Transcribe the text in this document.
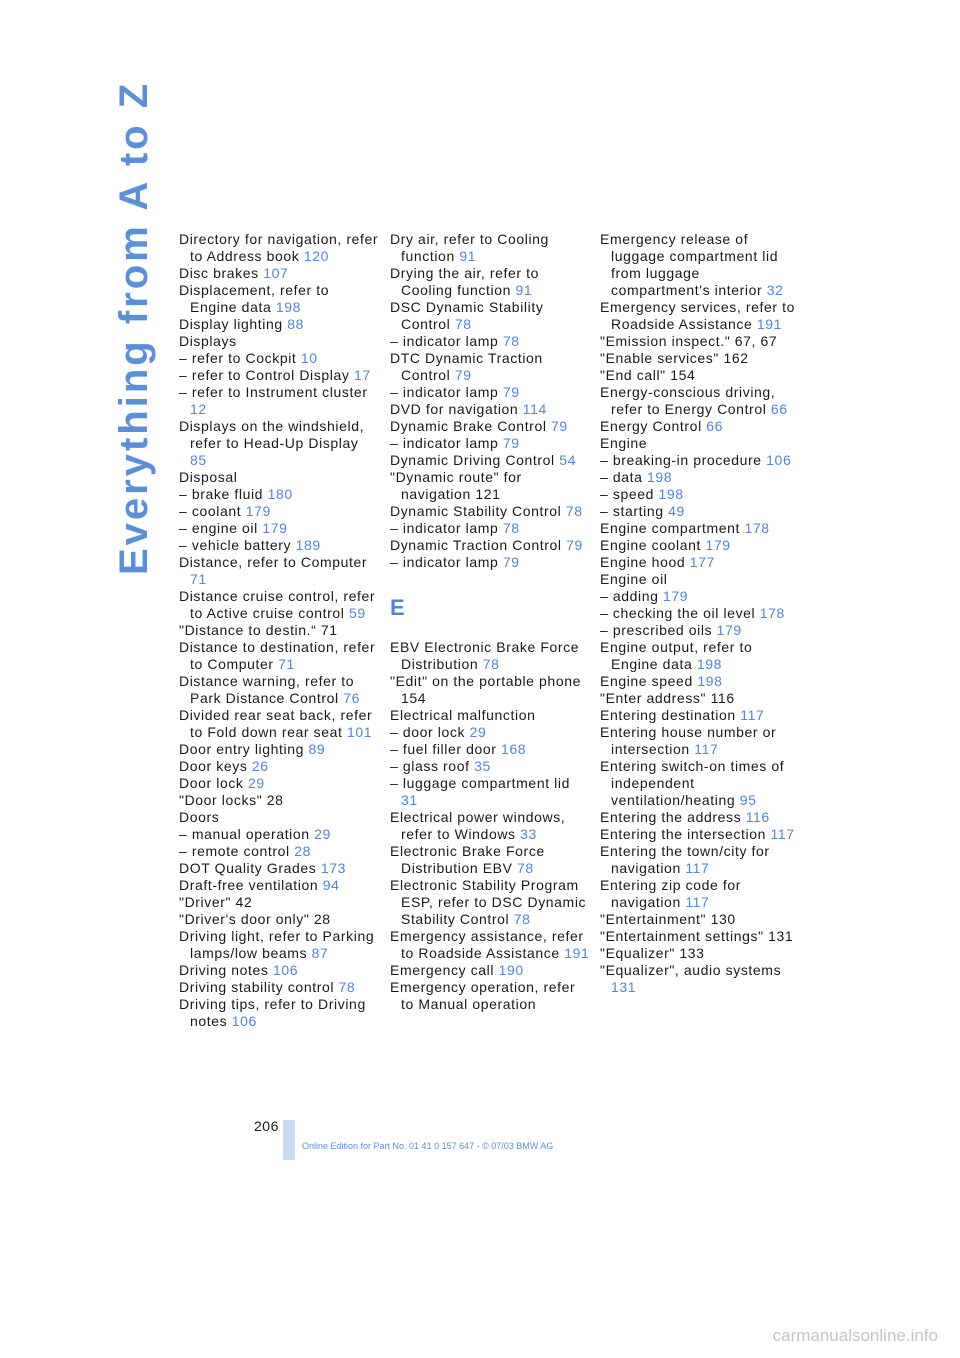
Everything from A to Z Directory for navigation, refer to Address book 120
Disc brakes 107
Displacement, refer to Engine data 198
Display lighting 88
Displays
– refer to Cockpit 10
– refer to Control Display 17
– refer to Instrument cluster 12
Displays on the windshield, refer to Head-Up Display 85
Disposal
– brake fluid 180
– coolant 179
– engine oil 179
– vehicle battery 189
Distance, refer to Computer 71
Distance cruise control, refer to Active cruise control 59
"Distance to destin.“ 71
Distance to destination, refer to Computer 71
Distance warning, refer to Park Distance Control 76
Divided rear seat back, refer to Fold down rear seat 101
Door entry lighting 89
Door keys 26
Door lock 29
"Door locks" 28
Doors
– manual operation 29
– remote control 28
DOT Quality Grades 173
Draft-free ventilation 94
"Driver" 42
"Driver's door only" 28
Driving light, refer to Parking lamps/low beams 87
Driving notes 106
Driving stability control 78
Driving tips, refer to Driving notes 106
Dry air, refer to Cooling function 91
Drying the air, refer to Cooling function 91
DSC Dynamic Stability Control 78
– indicator lamp 78
DTC Dynamic Traction Control 79
– indicator lamp 79
DVD for navigation 114
Dynamic Brake Control 79
– indicator lamp 79
Dynamic Driving Control 54
"Dynamic route" for navigation 121
Dynamic Stability Control 78
– indicator lamp 78
Dynamic Traction Control 79
– indicator lamp 79
E
EBV Electronic Brake Force Distribution 78
"Edit" on the portable phone 154
Electrical malfunction
– door lock 29
– fuel filler door 168
– glass roof 35
– luggage compartment lid 31
Electrical power windows, refer to Windows 33
Electronic Brake Force Distribution EBV 78
Electronic Stability Program ESP, refer to DSC Dynamic Stability Control 78
Emergency assistance, refer to Roadside Assistance 191
Emergency call 190
Emergency operation, refer to Manual operation
Emergency release of luggage compartment lid from luggage compartment's interior 32
Emergency services, refer to Roadside Assistance 191
"Emission inspect." 67, 67
"Enable services" 162
"End call" 154
Energy-conscious driving, refer to Energy Control 66
Energy Control 66
Engine
– breaking-in procedure 106
– data 198
– speed 198
– starting 49
Engine compartment 178
Engine coolant 179
Engine hood 177
Engine oil
– adding 179
– checking the oil level 178
– prescribed oils 179
Engine output, refer to Engine data 198
Engine speed 198
"Enter address" 116
Entering destination 117
Entering house number or intersection 117
Entering switch-on times of independent ventilation/heating 95
Entering the address 116
Entering the intersection 117
Entering the town/city for navigation 117
Entering zip code for navigation 117
"Entertainment" 130
"Entertainment settings" 131
"Equalizer" 133
"Equalizer", audio systems 131
206
Online Edition for Part No. 01 41 0 157 647 - © 07/03 BMW AG
carmanualsonline.info
